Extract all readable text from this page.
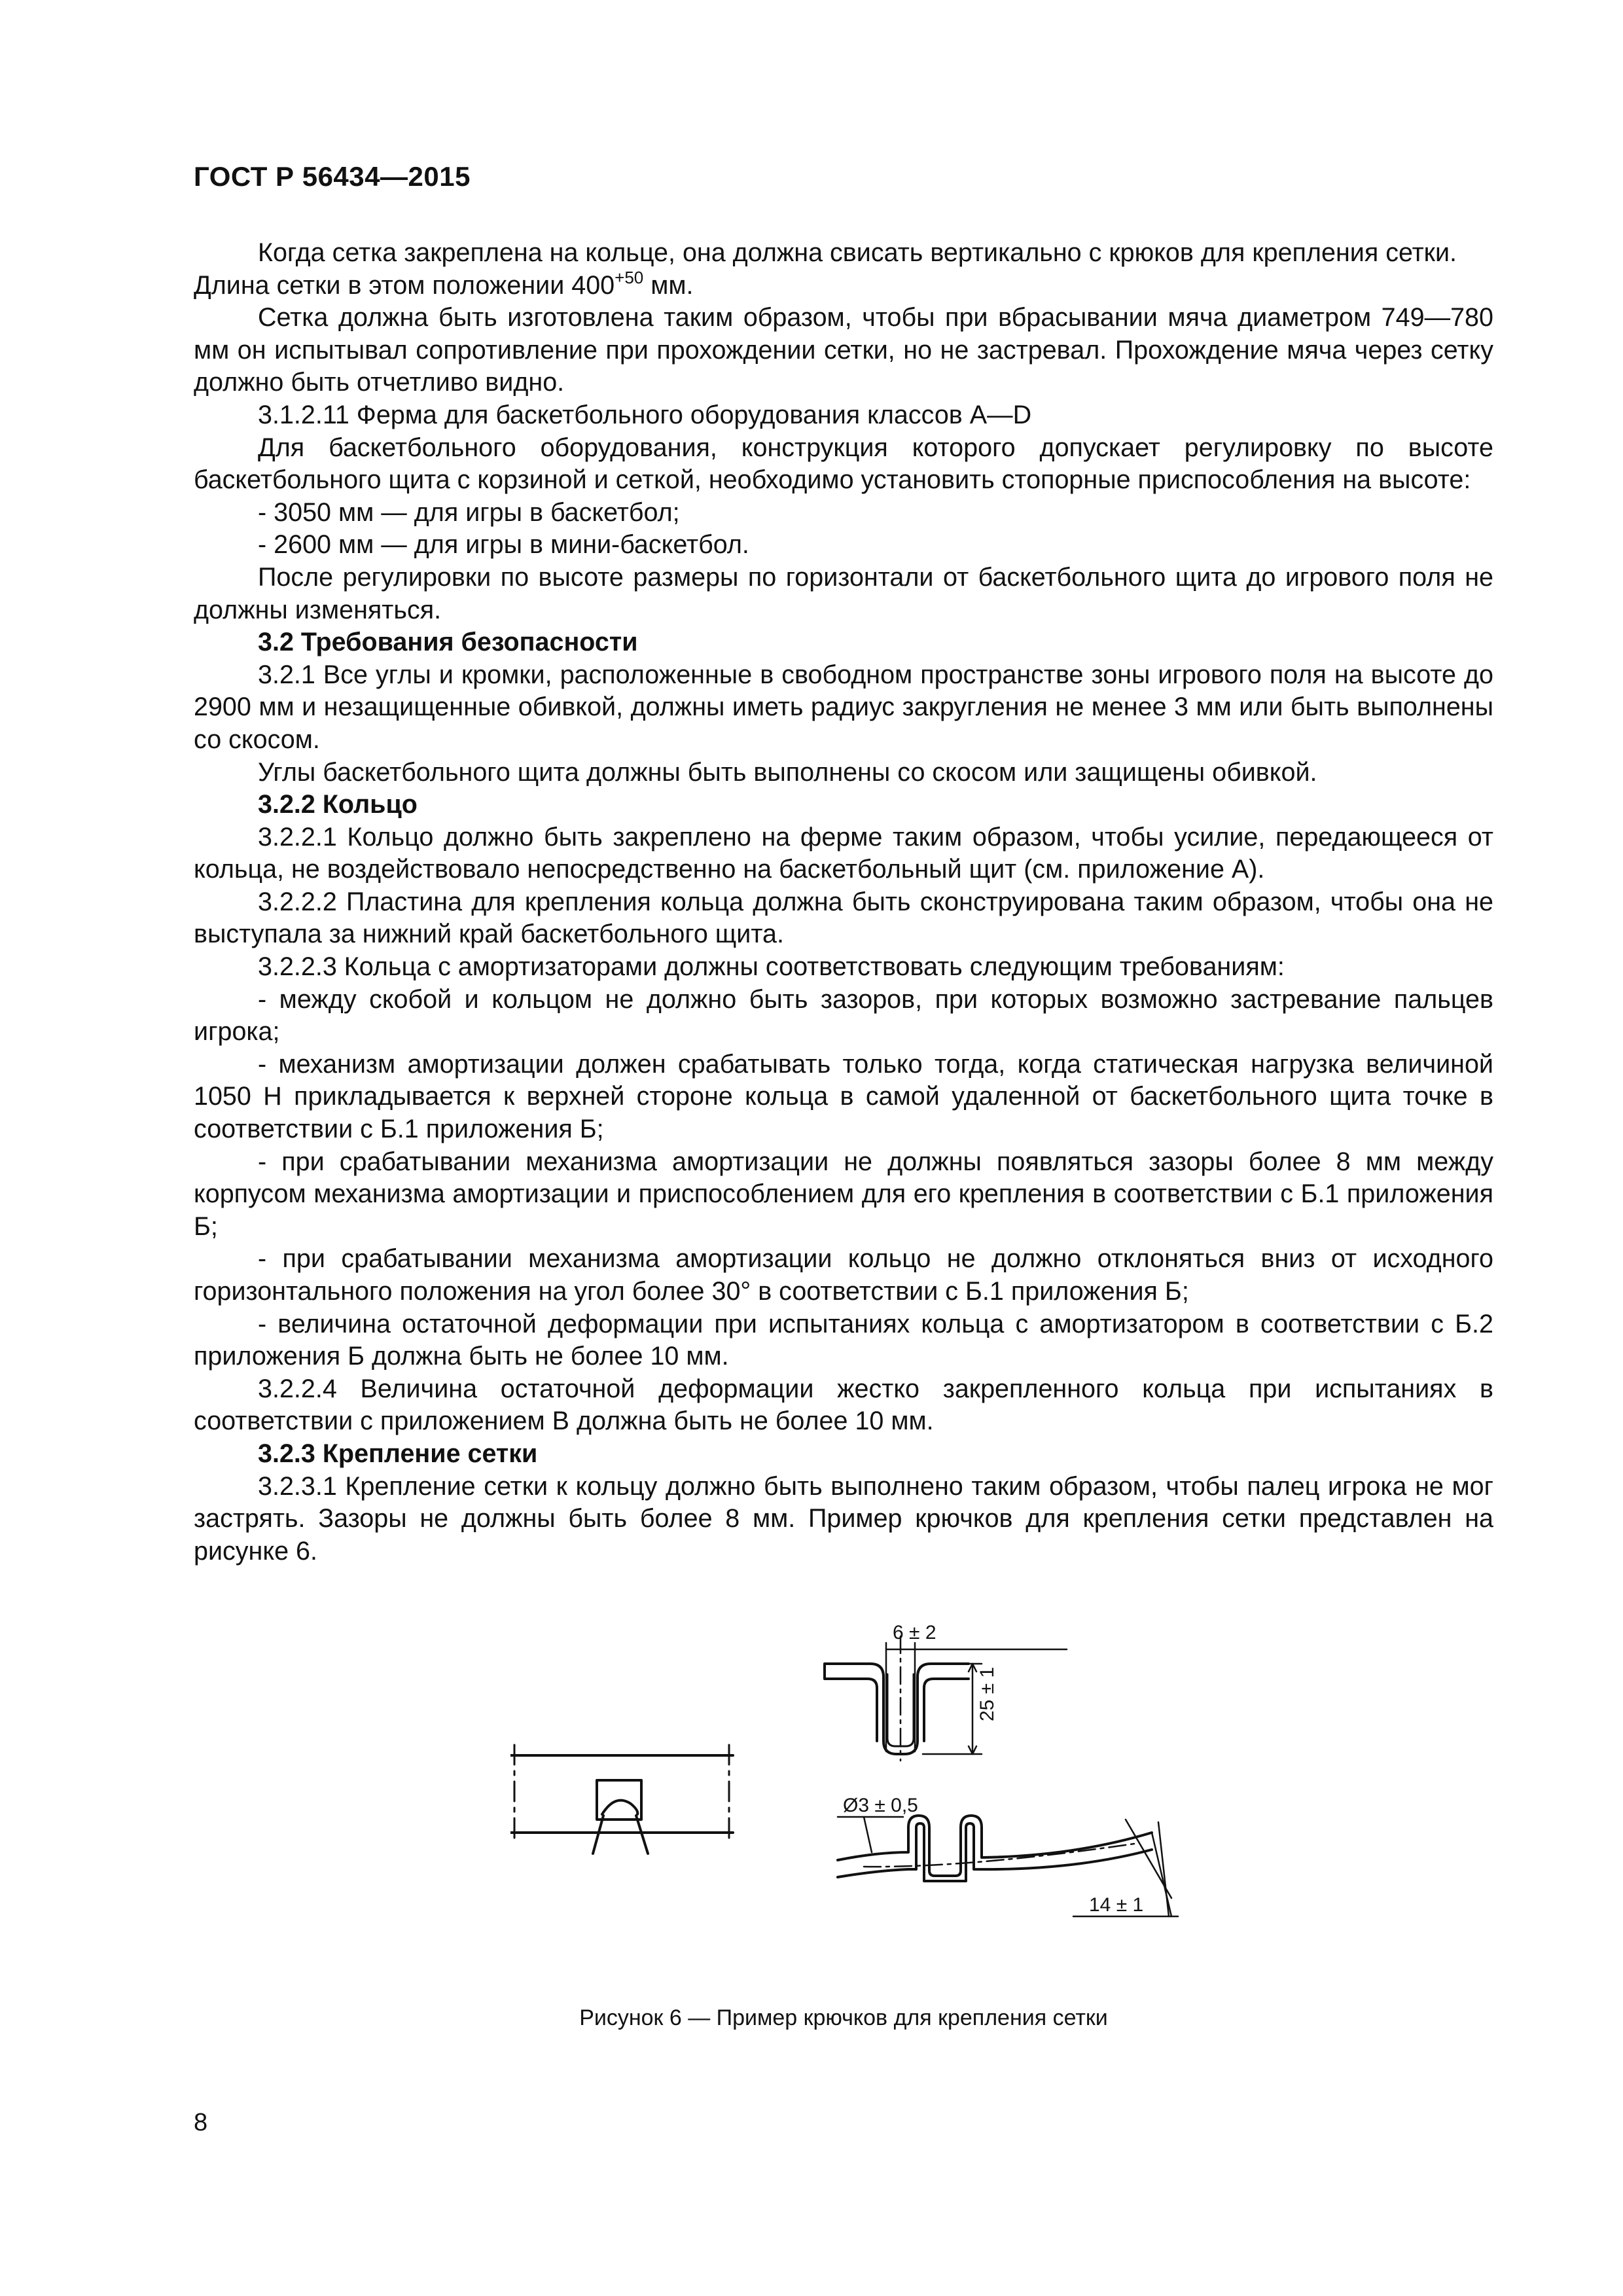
ГОСТ Р 56434—2015

Когда сетка закреплена на кольце, она должна свисать вертикально с крюков для крепления сетки.

Длина сетки в этом положении $400^{+50}$ мм.

Сетка должна быть изготовлена таким образом, чтобы при вбрасывании мяча диаметром 749—780 мм он испытывал сопротивление при прохождении сетки, но не застревал. Прохождение мяча через сетку должно быть отчетливо видно.

3.1.2.11 Ферма для баскетбольного оборудования классов А—D

Для баскетбольного оборудования, конструкция которого допускает регулировку по высоте баскетбольного щита с корзиной и сеткой, необходимо установить стопорные приспособления на высоте:

- 3050 мм — для игры в баскетбол;

- 2600 мм — для игры в мини-баскетбол.

После регулировки по высоте размеры по горизонтали от баскетбольного щита до игрового поля не должны изменяться.

3.2 Требования безопасности

3.2.1 Все углы и кромки, расположенные в свободном пространстве зоны игрового поля на высоте до 2900 мм и незащищенные обивкой, должны иметь радиус закругления не менее 3 мм или быть выполнены со скосом.

Углы баскетбольного щита должны быть выполнены со скосом или защищены обивкой.

3.2.2 Кольцо

3.2.2.1 Кольцо должно быть закреплено на ферме таким образом, чтобы усилие, передающееся от кольца, не воздействовало непосредственно на баскетбольный щит (см. приложение А).

3.2.2.2 Пластина для крепления кольца должна быть сконструирована таким образом, чтобы она не выступала за нижний край баскетбольного щита.

3.2.2.3 Кольца с амортизаторами должны соответствовать следующим требованиям:

- между скобой и кольцом не должно быть зазоров, при которых возможно застревание пальцев игрока;

- механизм амортизации должен срабатывать только тогда, когда статическая нагрузка величиной 1050 Н прикладывается к верхней стороне кольца в самой удаленной от баскетбольного щита точке в соответствии с Б.1 приложения Б;

- при срабатывании механизма амортизации не должны появляться зазоры более 8 мм между корпусом механизма амортизации и приспособлением для его крепления в соответствии с Б.1 приложения Б;

- при срабатывании механизма амортизации кольцо не должно отклоняться вниз от исходного горизонтального положения на угол более 30° в соответствии с Б.1 приложения Б;

- величина остаточной деформации при испытаниях кольца с амортизатором в соответствии с Б.2 приложения Б должна быть не более 10 мм.

3.2.2.4 Величина остаточной деформации жестко закрепленного кольца при испытаниях в соответствии с приложением В должна быть не более 10 мм.

3.2.3 Крепление сетки

3.2.3.1 Крепление сетки к кольцу должно быть выполнено таким образом, чтобы палец игрока не мог застрять. Зазоры не должны быть более 8 мм. Пример крючков для крепления сетки представлен на рисунке 6.

6 ± 2
25 ± 1
Ø3 ± 0,5
14 ± 1
Рисунок 6 — Пример крючков для крепления сетки
8
